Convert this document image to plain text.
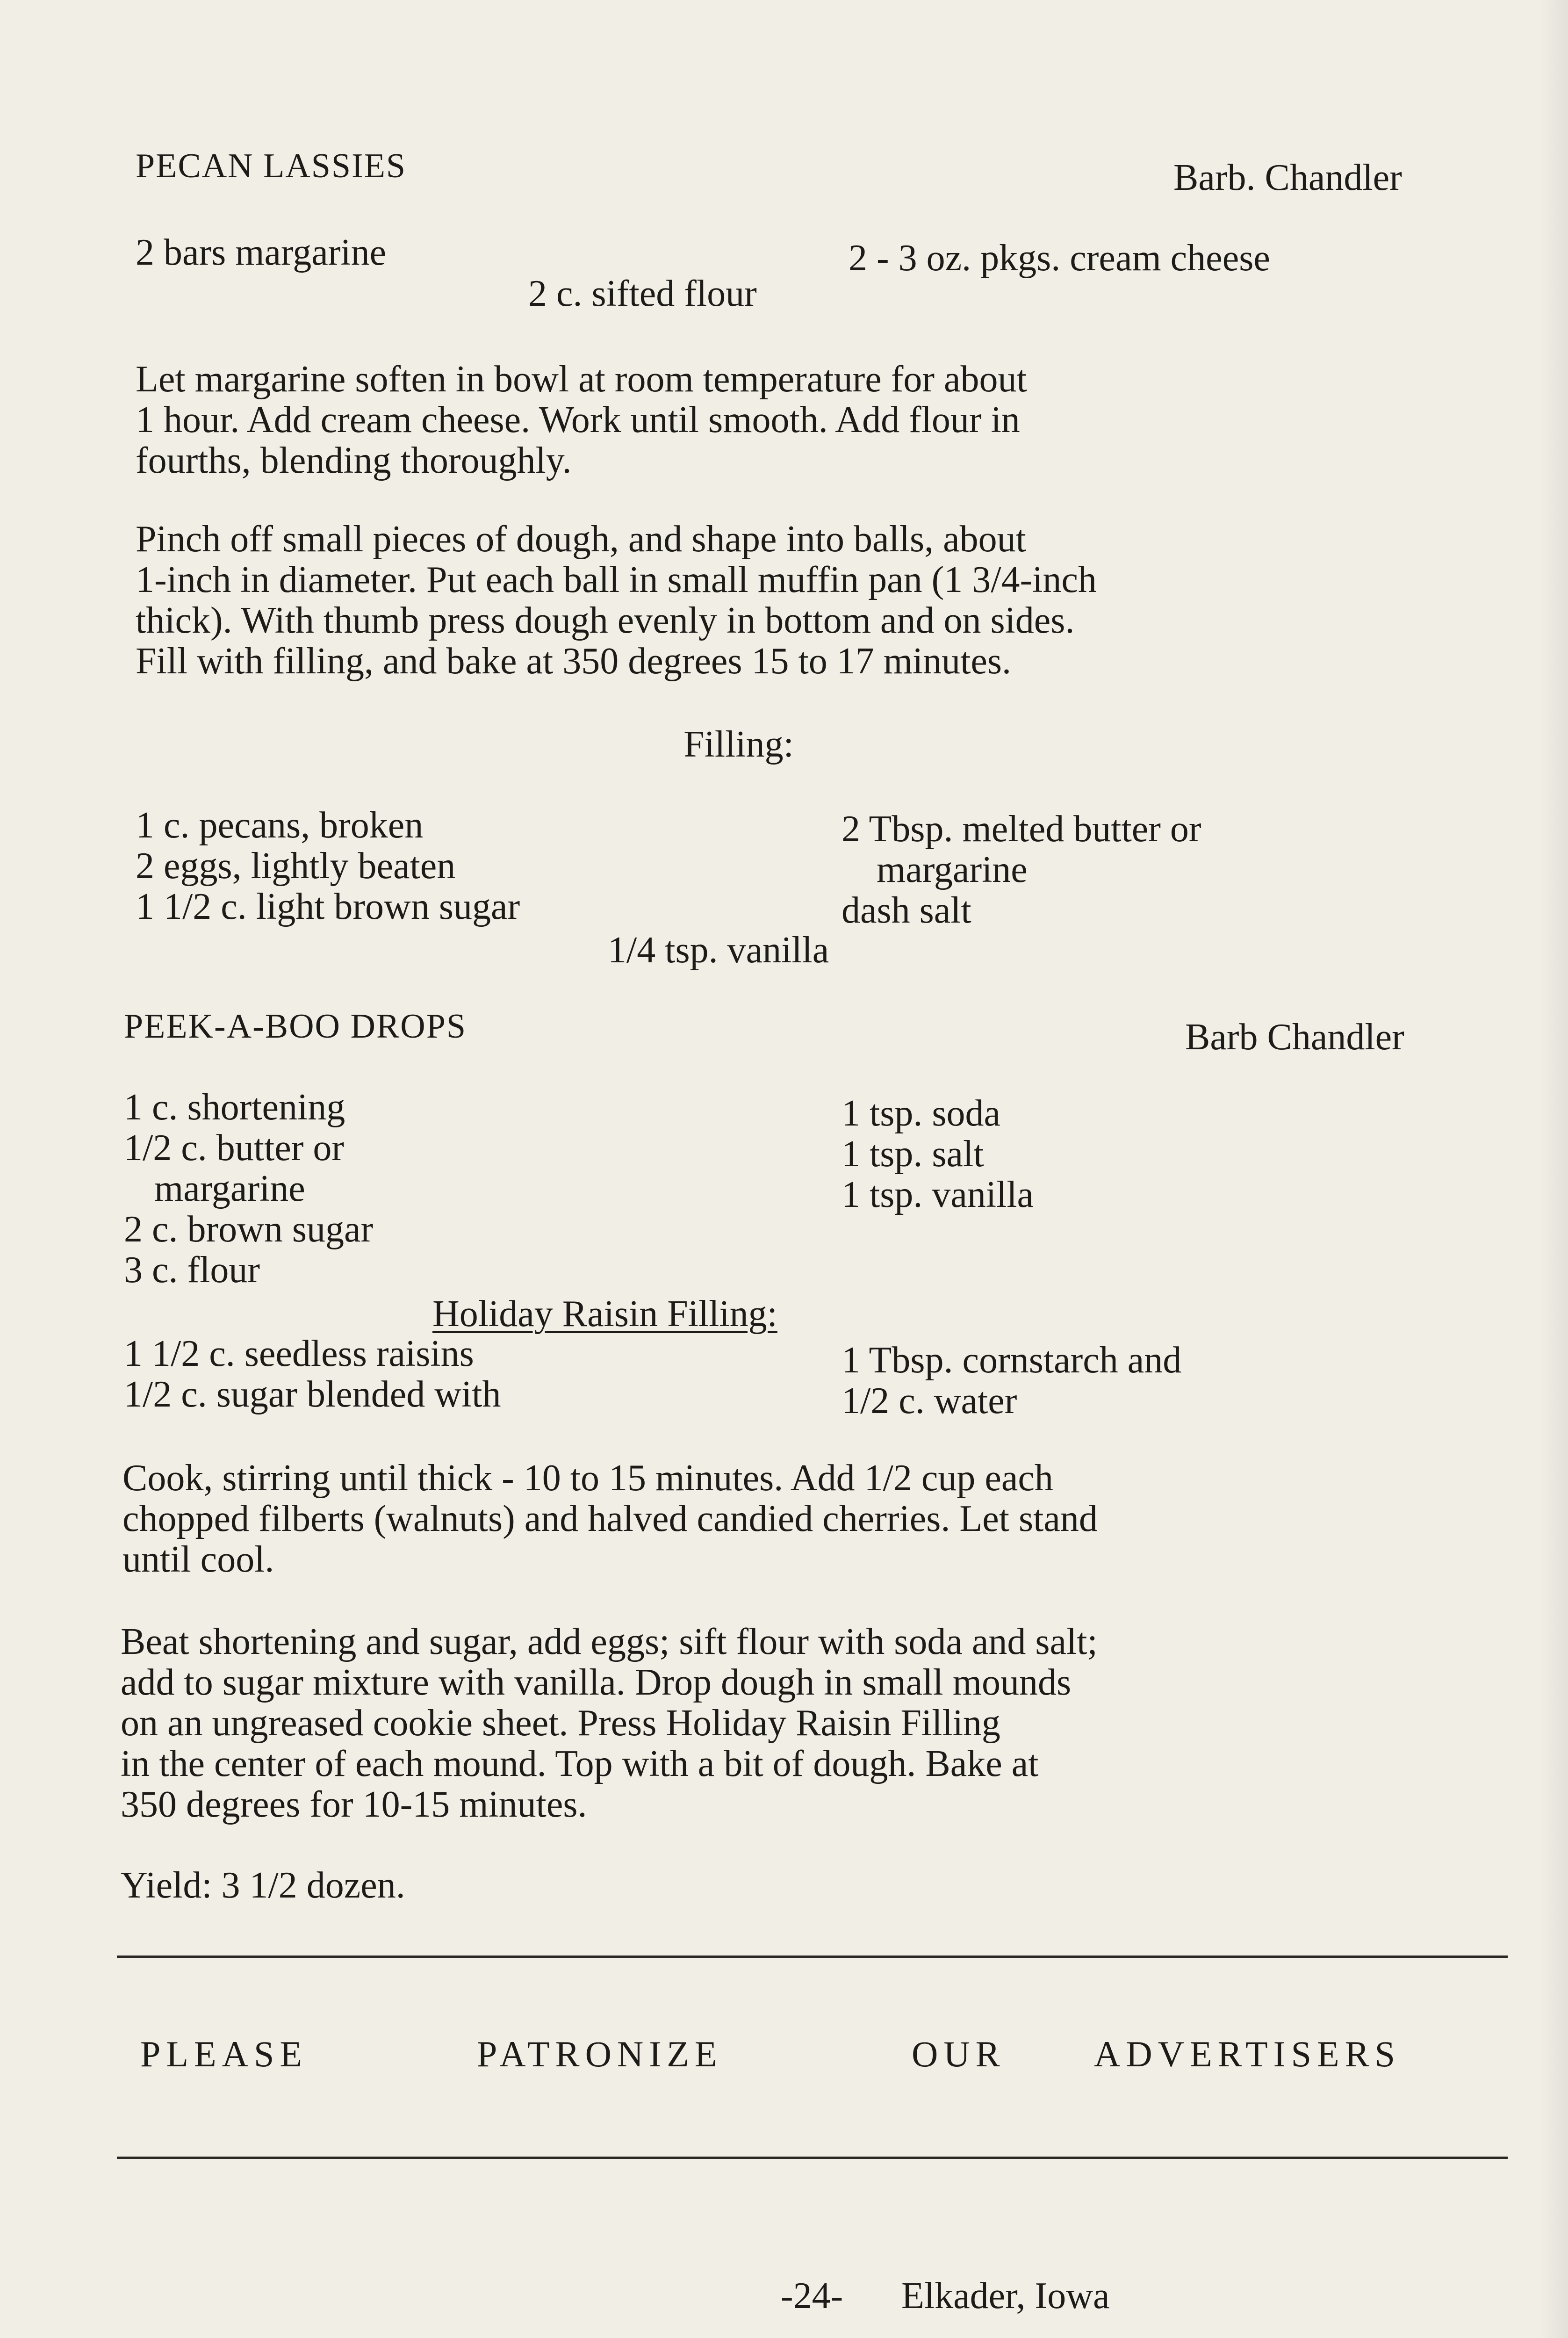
PECAN LASSIES	Barb. Chandler
2 bars margarine	2 - 3 oz. pkgs. cream cheese
2 c. sifted flour
Let margarine soften in bowl at room temperature for about
1 hour. Add cream cheese. Work until smooth. Add flour in
fourths, blending thoroughly.
Pinch off small pieces of dough, and shape into balls, about
1-inch in diameter. Put each ball in small muffin pan (1 3/4-inch
thick). With thumb press dough evenly in bottom and on sides.
Fill with filling, and bake at 350 degrees 15 to 17 minutes.
Filling:
1 c. pecans, broken
2 eggs, lightly beaten
1 1/2 c. light brown sugar
2 Tbsp. melted butter or
margarine
dash salt
1/4 tsp. vanilla
PEEK-A-BOO DROPS	Barb Chandler
1 c. shortening
1/2 c. butter or
margarine
2 c. brown sugar
3 c. flour
1 tsp. soda
1 tsp. salt
1 tsp. vanilla
Holiday Raisin Filling:
1 1/2 c. seedless raisins
1/2 c. sugar blended with
1 Tbsp. cornstarch and
1/2 c. water
Cook, stirring until thick - 10 to 15 minutes. Add 1/2 cup each
chopped filberts (walnuts) and halved candied cherries. Let stand
until cool.
Beat shortening and sugar, add eggs; sift flour with soda and salt;
add to sugar mixture with vanilla. Drop dough in small mounds
on an ungreased cookie sheet. Press Holiday Raisin Filling
in the center of each mound. Top with a bit of dough. Bake at
350 degrees for 10-15 minutes.
Yield: 3 1/2 dozen.
PLEASE	PATRONIZE	OUR ADVERTISERS
-24- Elkader, Iowa
